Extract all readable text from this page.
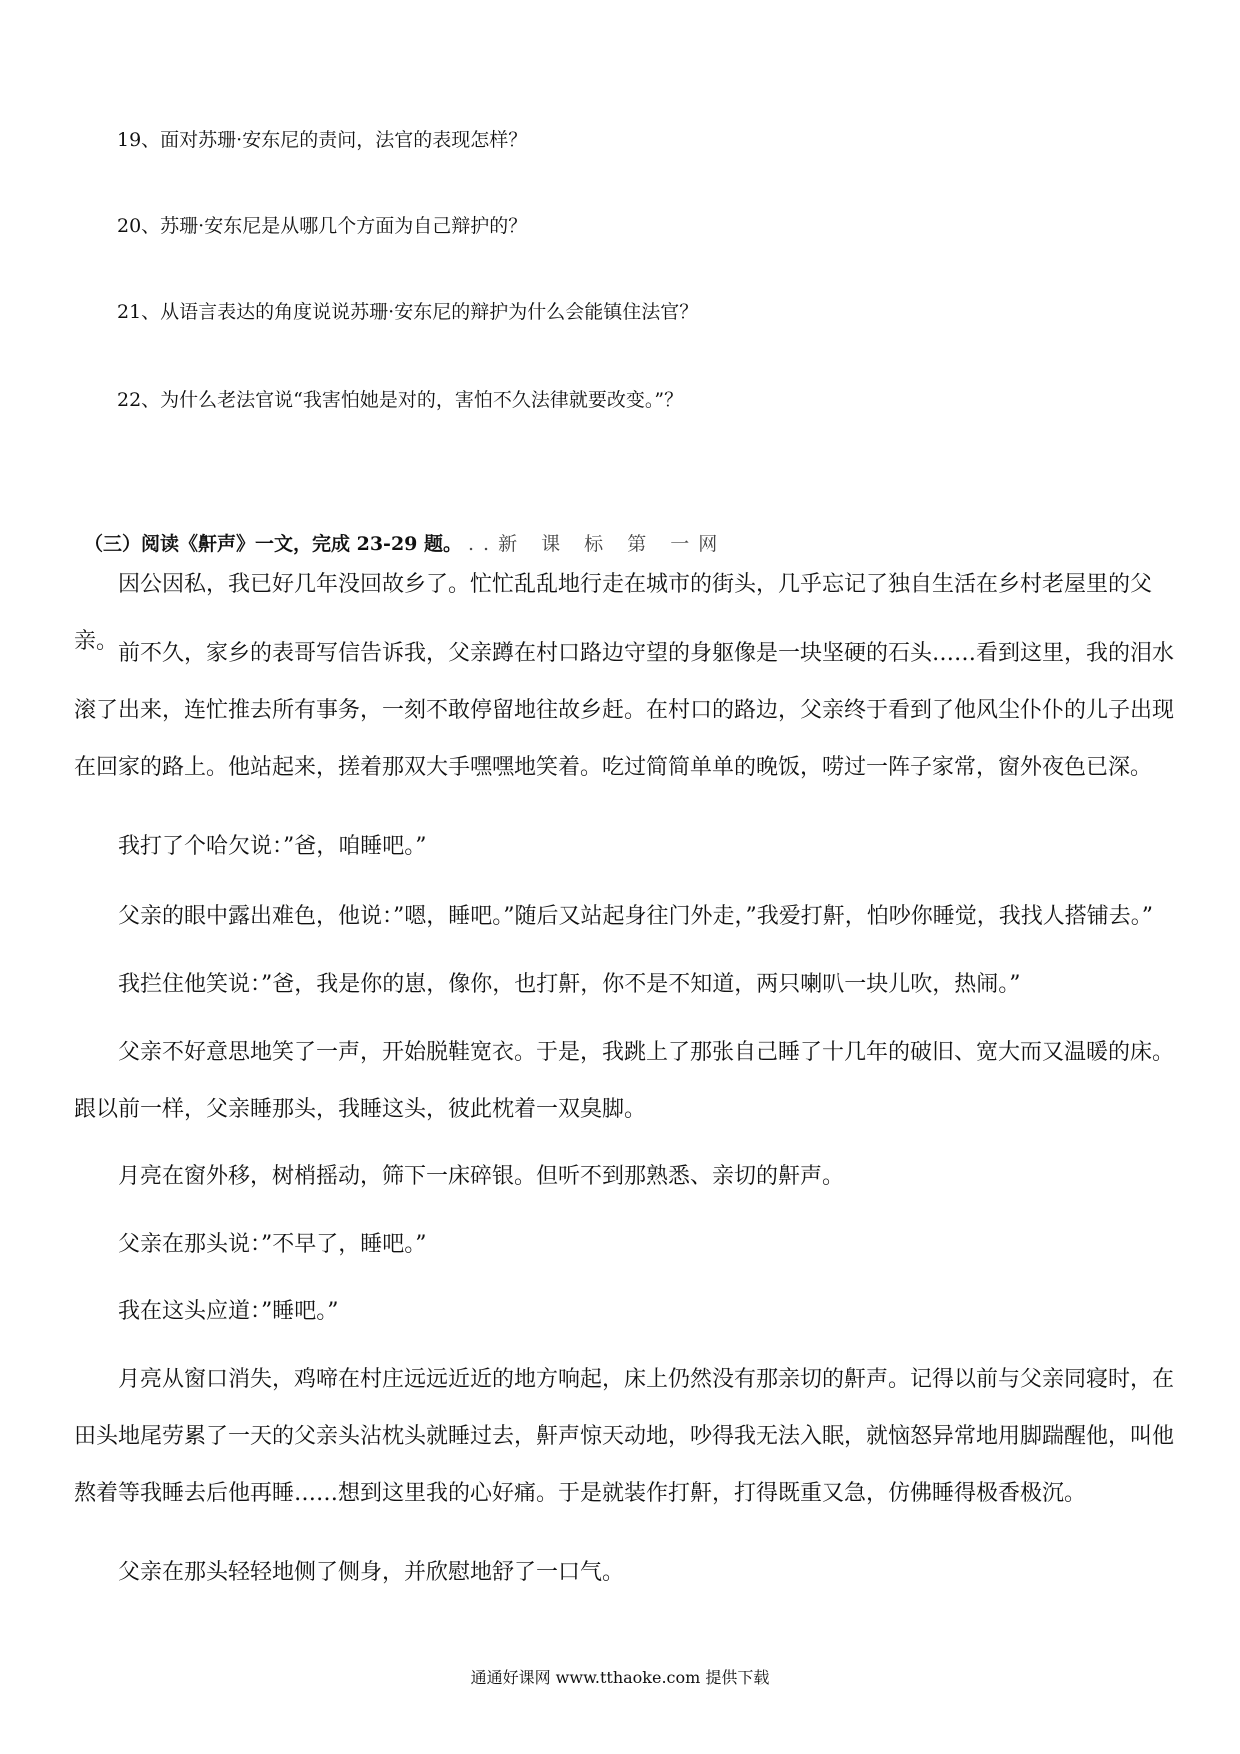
19、面对苏珊·安东尼的责问，法官的表现怎样？
20、苏珊·安东尼是从哪几个方面为自己辩护的？
21、从语言表达的角度说说苏珊·安东尼的辩护为什么会能镇住法官？
22、为什么老法官说“我害怕她是对的，害怕不久法律就要改变。”？
（三）阅读《鼾声》一文，完成 23-29 题。 ..新 课 标 第 一网
因公因私，我已好几年没回故乡了。忙忙乱乱地行走在城市的街头，几乎忘记了独自生活在乡村老屋里的父亲。 前不久，家乡的表哥写信告诉我，父亲蹲在村口路边守望的身躯像是一块坚硬的石头……看到这里，我的泪水滚了出来，连忙推去所有事务，一刻不敢停留地往故乡赶。在村口的路边，父亲终于看到了他风尘仆仆的儿子出现在回家的路上。他站起来，搓着那双大手嘿嘿地笑着。吃过简简单单的晚饭，唠过一阵子家常，窗外夜色已深。
我打了个哈欠说：”爸，咱睡吧。”
父亲的眼中露出难色，他说：”嗯，睡吧。”随后又站起身往门外走，”我爱打鼾，怕吵你睡觉，我找人搭铺去。”
我拦住他笑说：”爸，我是你的崽，像你，也打鼾，你不是不知道，两只喇叭一块儿吹，热闹。”
父亲不好意思地笑了一声，开始脱鞋宽衣。于是，我跳上了那张自己睡了十几年的破旧、宽大而又温暖的床。跟以前一样，父亲睡那头，我睡这头，彼此枕着一双臭脚。
月亮在窗外移，树梢摇动，筛下一床碎银。但听不到那熟悉、亲切的鼾声。
父亲在那头说：”不早了，睡吧。”
我在这头应道：”睡吧。”
月亮从窗口消失，鸡啼在村庄远远近近的地方响起，床上仍然没有那亲切的鼾声。记得以前与父亲同寝时，在田头地尾劳累了一天的父亲头沾枕头就睡过去，鼾声惊天动地，吵得我无法入眠，就恼怒异常地用脚踹醒他，叫他熬着等我睡去后他再睡……想到这里我的心好痛。于是就装作打鼾，打得既重又急，仿佛睡得极香极沉。
父亲在那头轻轻地侧了侧身，并欣慰地舒了一口气。
通通好课网 www.tthaoke.com 提供下载
